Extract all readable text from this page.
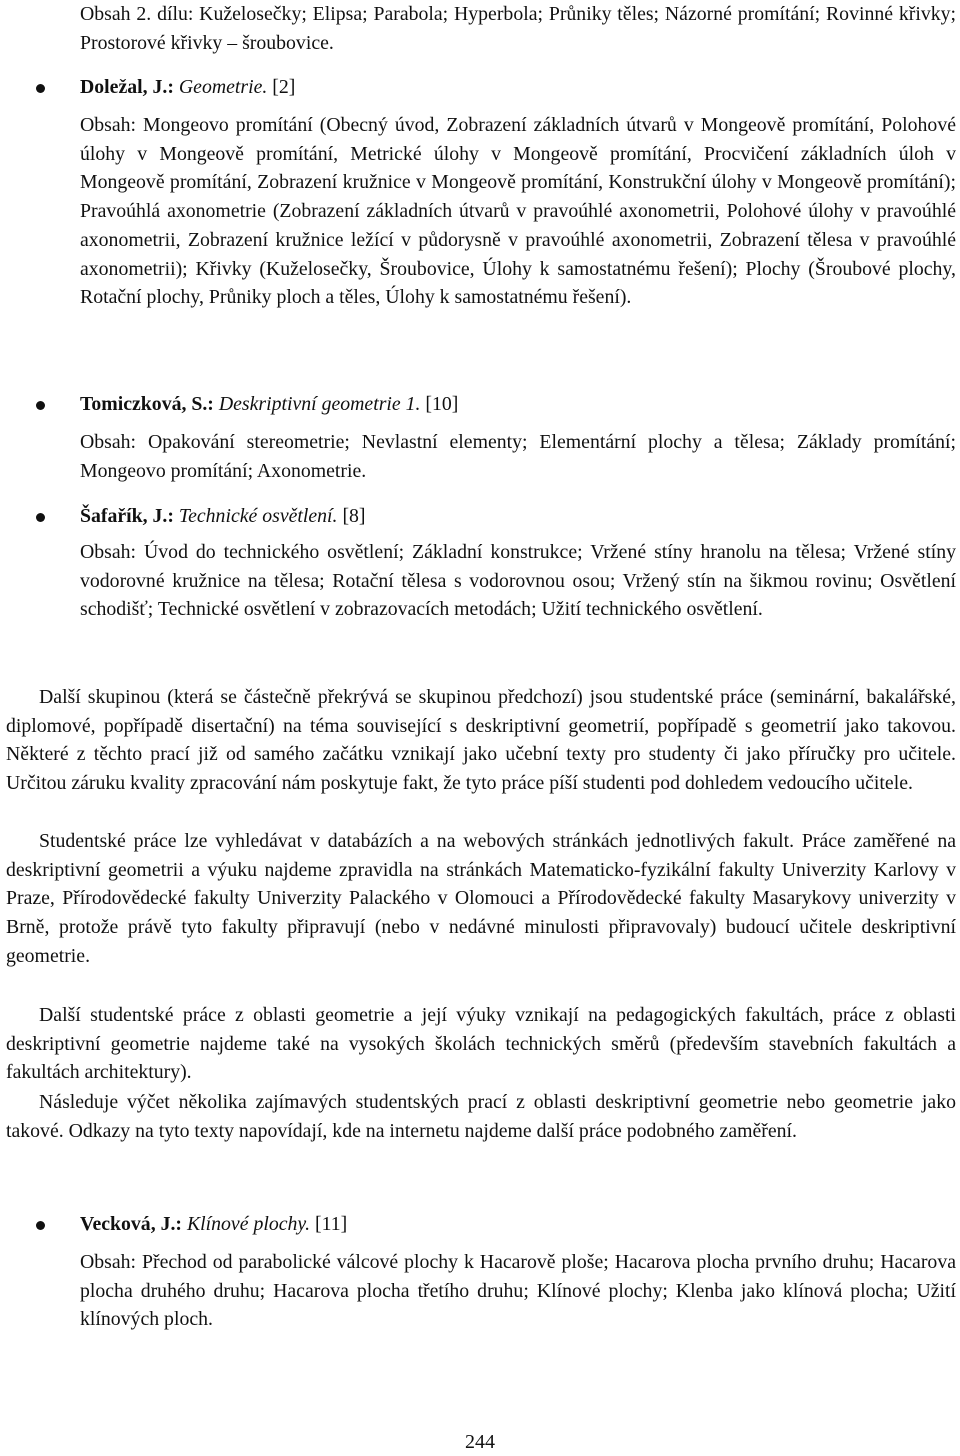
Obsah 2. dílu: Kuželosečky; Elipsa; Parabola; Hyperbola; Průniky těles; Názorné promítání; Rovinné křivky; Prostorové křivky – šroubovice.

Doležal, J.: Geometrie. [2]

Obsah: Mongeovo promítání (Obecný úvod, Zobrazení základních útvarů v Mongeově promítání, Polohové úlohy v Mongeově promítání, Metrické úlohy v Mongeově promítání, Procvičení základních úloh v Mongeově promítání, Zobrazení kružnice v Mongeově promítání, Konstrukční úlohy v Mongeově promítání); Pravoúhlá axonometrie (Zobrazení základních útvarů v pravoúhlé axonometrii, Polohové úlohy v pravoúhlé axonometrii, Zobrazení kružnice ležící v půdorysně v pravoúhlé axonometrii, Zobrazení tělesa v pravoúhlé axonometrii); Křivky (Kuželosečky, Šroubovice, Úlohy k samostatnému řešení); Plochy (Šroubové plochy, Rotační plochy, Průniky ploch a těles, Úlohy k samostatnému řešení).

Tomiczková, S.: Deskriptivní geometrie 1. [10]

Obsah: Opakování stereometrie; Nevlastní elementy; Elementární plochy a tělesa; Základy promítání; Mongeovo promítání; Axonometrie.

Šafařík, J.: Technické osvětlení. [8]

Obsah: Úvod do technického osvětlení; Základní konstrukce; Vržené stíny hranolu na tělesa; Vržené stíny vodorovné kružnice na tělesa; Rotační tělesa s vodorovnou osou; Vržený stín na šikmou rovinu; Osvětlení schodišť; Technické osvětlení v zobrazovacích metodách; Užití technického osvětlení.

Další skupinou (která se částečně překrývá se skupinou předchozí) jsou studentské práce (seminární, bakalářské, diplomové, popřípadě disertační) na téma související s deskriptivní geometrií, popřípadě s geometrií jako takovou. Některé z těchto prací již od samého začátku vznikají jako učební texty pro studenty či jako příručky pro učitele. Určitou záruku kvality zpracování nám poskytuje fakt, že tyto práce píší studenti pod dohledem vedoucího učitele.

Studentské práce lze vyhledávat v databázích a na webových stránkách jednotlivých fakult. Práce zaměřené na deskriptivní geometrii a výuku najdeme zpravidla na stránkách Matematicko-fyzikální fakulty Univerzity Karlovy v Praze, Přírodovědecké fakulty Univerzity Palackého v Olomouci a Přírodovědecké fakulty Masarykovy univerzity v Brně, protože právě tyto fakulty připravují (nebo v nedávné minulosti připravovaly) budoucí učitele deskriptivní geometrie.

Další studentské práce z oblasti geometrie a její výuky vznikají na pedagogických fakultách, práce z oblasti deskriptivní geometrie najdeme také na vysokých školách technických směrů (především stavebních fakultách a fakultách architektury).

Následuje výčet několika zajímavých studentských prací z oblasti deskriptivní geometrie nebo geometrie jako takové. Odkazy na tyto texty napovídají, kde na internetu najdeme další práce podobného zaměření.

Vecková, J.: Klínové plochy. [11]

Obsah: Přechod od parabolické válcové plochy k Hacarově ploše; Hacarova plocha prvního druhu; Hacarova plocha druhého druhu; Hacarova plocha třetího druhu; Klínové plochy; Klenba jako klínová plocha; Užití klínových ploch.

244
